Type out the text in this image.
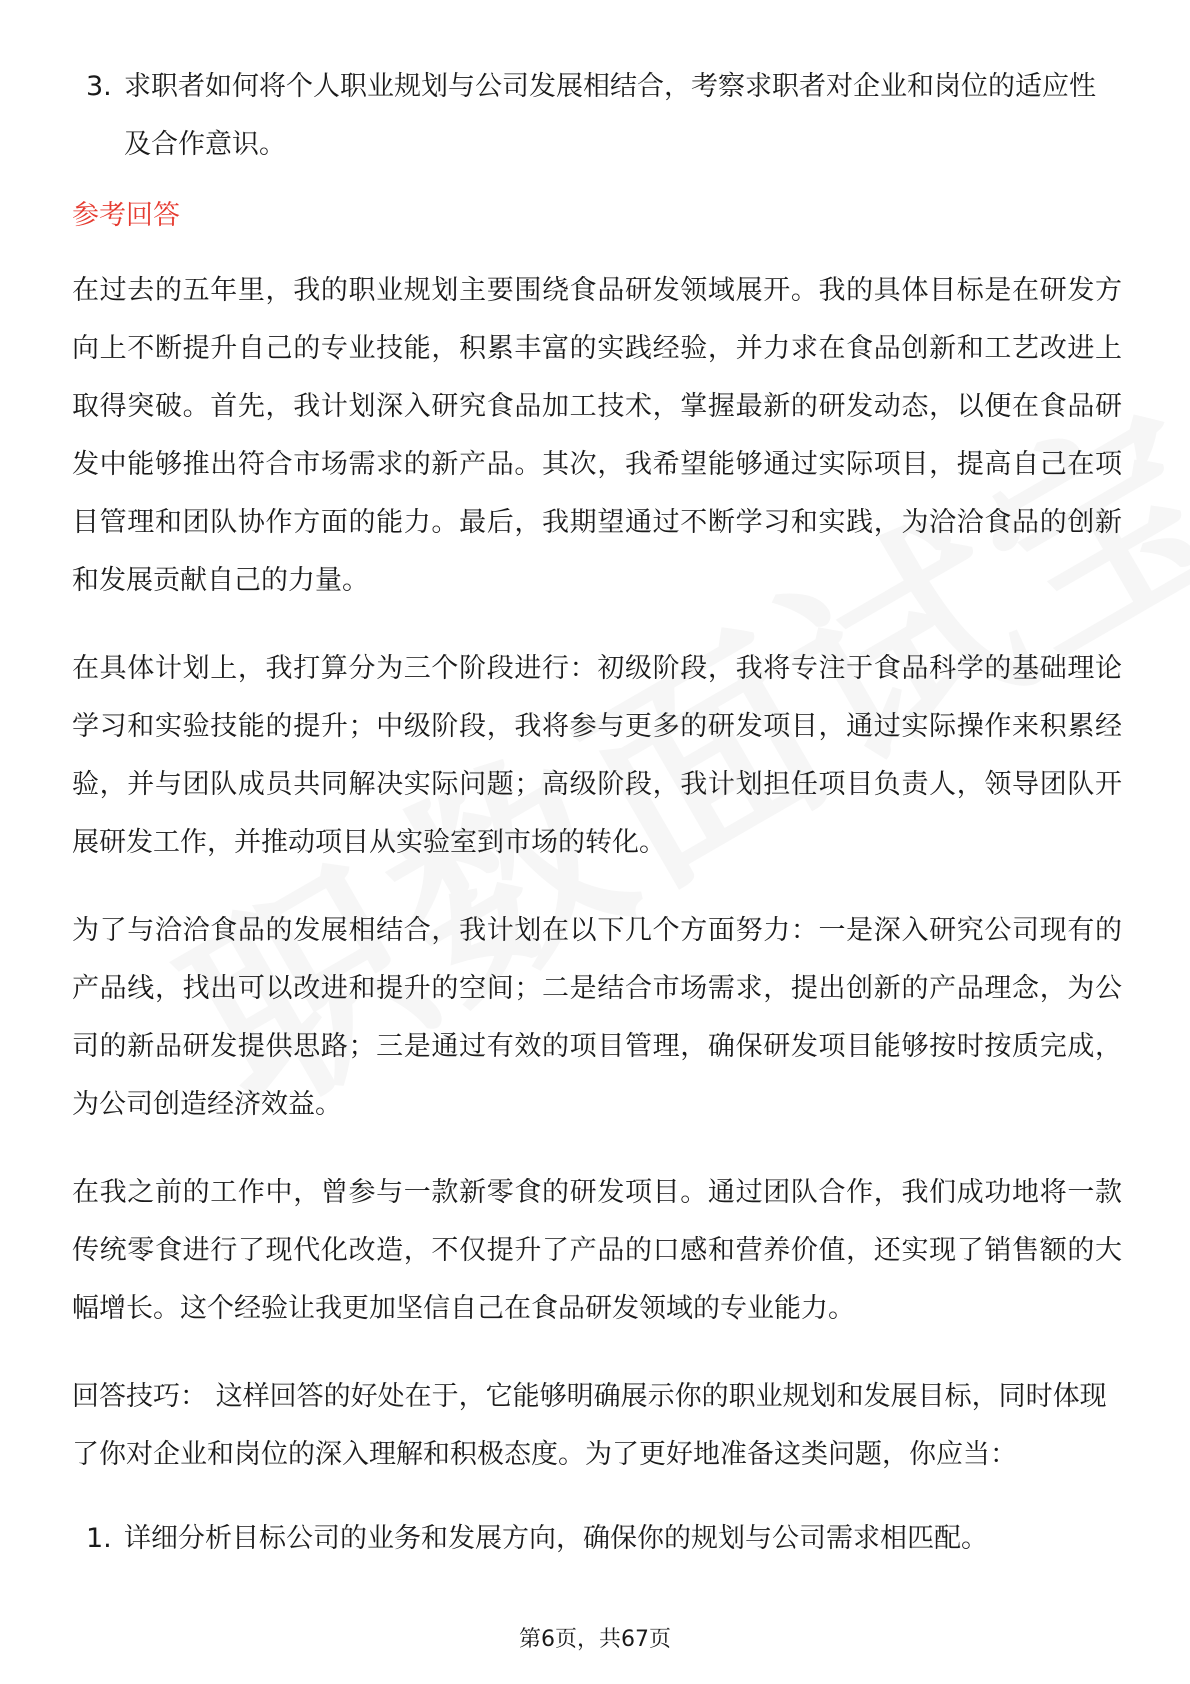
3. 求职者如何将个人职业规划与公司发展相结合，考察求职者对企业和岗位的适应性及合作意识。

参考回答

在过去的五年里，我的职业规划主要围绕食品研发领域展开。我的具体目标是在研发方向上不断提升自己的专业技能，积累丰富的实践经验，并力求在食品创新和工艺改进上取得突破。首先，我计划深入研究食品加工技术，掌握最新的研发动态，以便在食品研发中能够推出符合市场需求的新产品。其次，我希望能够通过实际项目，提高自己在项目管理和团队协作方面的能力。最后，我期望通过不断学习和实践，为洽洽食品的创新和发展贡献自己的力量。

在具体计划上，我打算分为三个阶段进行：初级阶段，我将专注于食品科学的基础理论学习和实验技能的提升；中级阶段，我将参与更多的研发项目，通过实际操作来积累经验，并与团队成员共同解决实际问题；高级阶段，我计划担任项目负责人，领导团队开展研发工作，并推动项目从实验室到市场的转化。

为了与洽洽食品的发展相结合，我计划在以下几个方面努力：一是深入研究公司现有的产品线，找出可以改进和提升的空间；二是结合市场需求，提出创新的产品理念，为公司的新品研发提供思路；三是通过有效的项目管理，确保研发项目能够按时按质完成，为公司创造经济效益。

在我之前的工作中，曾参与一款新零食的研发项目。通过团队合作，我们成功地将一款传统零食进行了现代化改造，不仅提升了产品的口感和营养价值，还实现了销售额的大幅增长。这个经验让我更加坚信自己在食品研发领域的专业能力。

回答技巧： 这样回答的好处在于，它能够明确展示你的职业规划和发展目标，同时体现了你对企业和岗位的深入理解和积极态度。为了更好地准备这类问题，你应当：

1. 详细分析目标公司的业务和发展方向，确保你的规划与公司需求相匹配。

第6页，共67页
